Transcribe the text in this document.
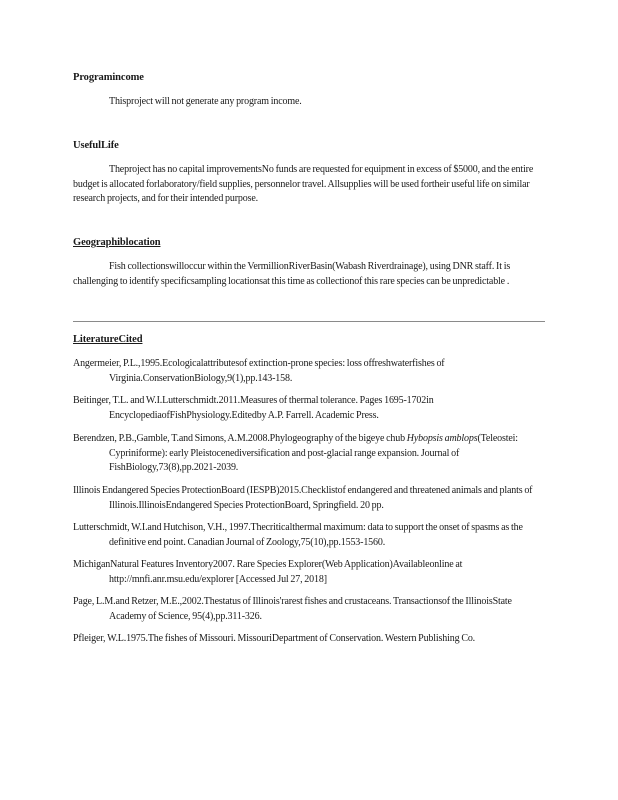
Programincome
Thisproject will not generate any program income.
UsefulLife
Theproject has no capital improvementsNo funds are requested for equipment in excess of $5000, and the entire budget is allocated forlaboratory/field supplies, personnelor travel. Allsupplies will be used fortheir useful life on similar research projects, and for their intended purpose.
Geographiblocation
Fish collectionswilloccur within the VermillionRiverBasin(Wabash Riverdrainage), using DNR staff. It is challenging to identify specificsampling locationsat this time as collectionof this rare species can be unpredictable .
LiteratureCited
Angermeier, P.L.,1995.Ecologicalattributesof extinction-prone species: loss offreshwaterfishes of Virginia.ConservationBiology,9(1),pp.143-158.
Beitinger, T.L. and W.I.Lutterschmidt.2011.Measures of thermal tolerance. Pages 1695-1702in EncyclopediaofFishPhysiology.Editedby A.P. Farrell. Academic Press.
Berendzen, P.B.,Gamble, T.and Simons, A.M.2008.Phylogeography of the bigeye chub Hybopsis amblops(Teleostei: Cypriniforme): early Pleistocenediversification and post-glacial range expansion. Journal of FishBiology,73(8),pp.2021-2039.
Illinois Endangered Species ProtectionBoard (IESPB)2015.Checklistof endangered and threatened animals and plants of Illinois.IllinoisEndangered Species ProtectionBoard, Springfield. 20 pp.
Lutterschmidt, W.I.and Hutchison, V.H., 1997.Thecriticalthermal maximum: data to support the onset of spasms as the definitive end point. Canadian Journal of Zoology,75(10),pp.1553-1560.
MichiganNatural Features Inventory2007. Rare Species Explorer(Web Application)Availableonline at http://mnfi.anr.msu.edu/explorer [Accessed Jul 27, 2018]
Page, L.M.and Retzer, M.E.,2002.Thestatus of Illinois'rarest fishes and crustaceans. Transactionsof the IllinoisState Academy of Science, 95(4),pp.311-326.
Pfleiger, W.L.1975.The fishes of Missouri. MissouriDepartment of Conservation. Western Publishing Co.
